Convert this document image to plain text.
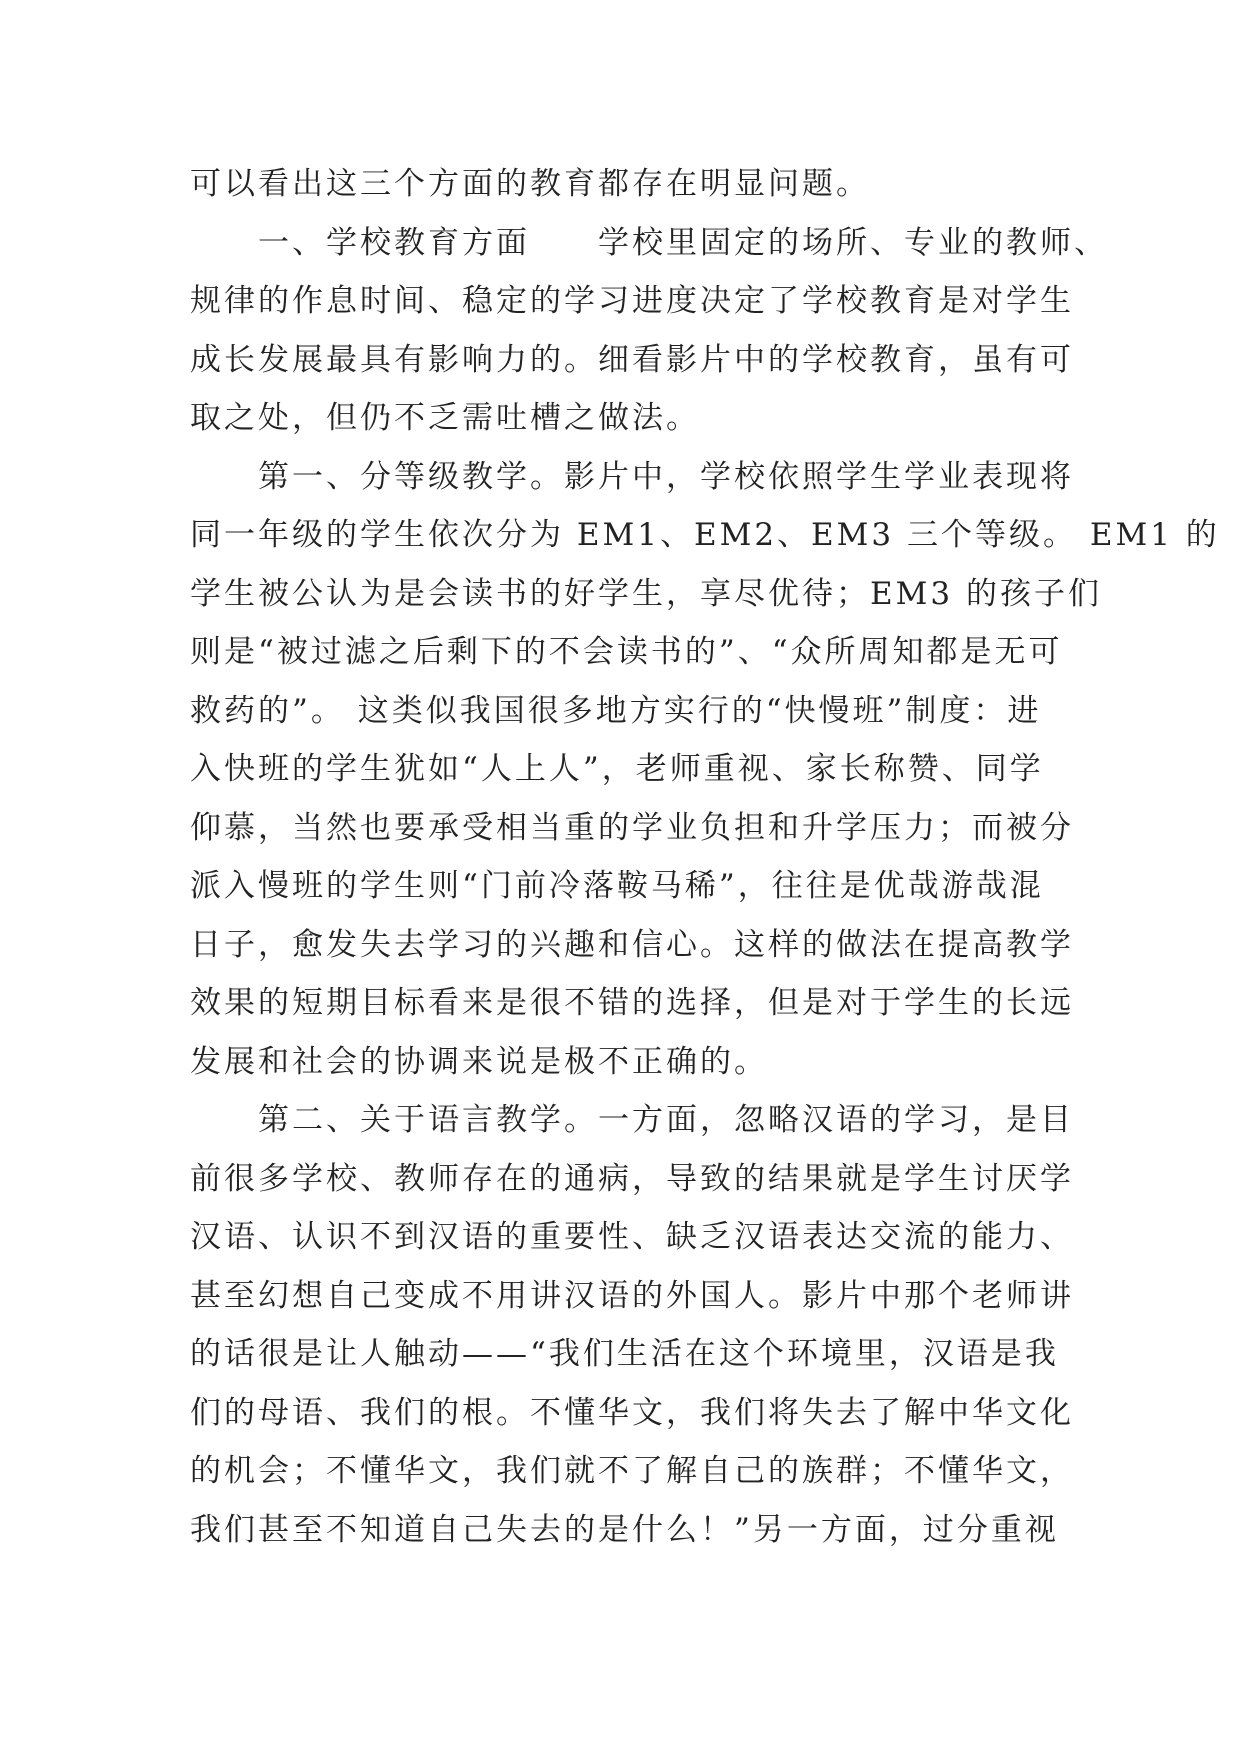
可以看出这三个方面的教育都存在明显问题。
一、学校教育方面　　学校里固定的场所、专业的教师、
规律的作息时间、稳定的学习进度决定了学校教育是对学生
成长发展最具有影响力的。细看影片中的学校教育，虽有可
取之处，但仍不乏需吐槽之做法。
第一、分等级教学。影片中，学校依照学生学业表现将
同一年级的学生依次分为 EM1、EM2、EM3 三个等级。 EM1 的
学生被公认为是会读书的好学生，享尽优待；EM3 的孩子们
则是“被过滤之后剩下的不会读书的”、“众所周知都是无可
救药的”。 这类似我国很多地方实行的“快慢班”制度：进
入快班的学生犹如“人上人”，老师重视、家长称赞、同学
仰慕，当然也要承受相当重的学业负担和升学压力；而被分
派入慢班的学生则“门前冷落鞍马稀”，往往是优哉游哉混
日子，愈发失去学习的兴趣和信心。这样的做法在提高教学
效果的短期目标看来是很不错的选择，但是对于学生的长远
发展和社会的协调来说是极不正确的。
第二、关于语言教学。一方面，忽略汉语的学习，是目
前很多学校、教师存在的通病，导致的结果就是学生讨厌学
汉语、认识不到汉语的重要性、缺乏汉语表达交流的能力、
甚至幻想自己变成不用讲汉语的外国人。影片中那个老师讲
的话很是让人触动——“我们生活在这个环境里，汉语是我
们的母语、我们的根。不懂华文，我们将失去了解中华文化
的机会；不懂华文，我们就不了解自己的族群；不懂华文，
我们甚至不知道自己失去的是什么！”另一方面，过分重视
